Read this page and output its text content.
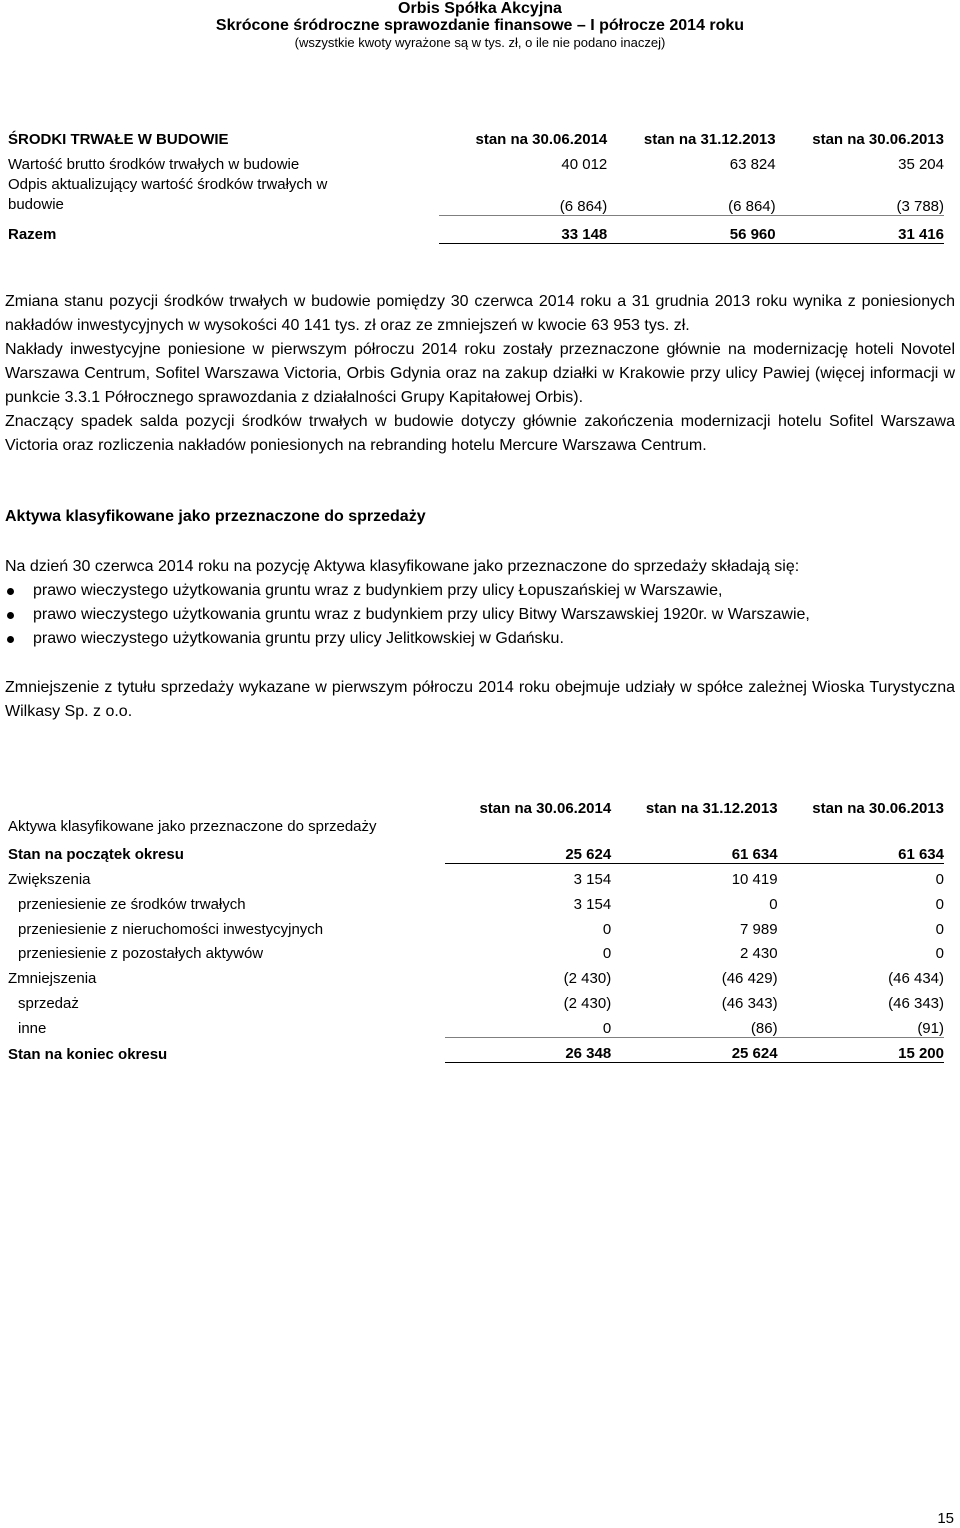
Orbis Spółka Akcyjna
Skrócone śródroczne sprawozdanie finansowe – I półrocze 2014 roku
(wszystkie kwoty wyrażone są w tys. zł, o ile nie podano inaczej)
ŚRODKI TRWAŁE W BUDOWIE	stan na 30.06.2014	stan na 31.12.2013	stan na 30.06.2013
Wartość brutto środków trwałych w budowie	40 012	63 824	35 204
Odpis aktualizujący wartość środków trwałych w
budowie	(6 864)	(6 864)	(3 788)
Razem	33 148	56 960	31 416

Zmiana stanu pozycji środków trwałych w budowie pomiędzy 30 czerwca 2014 roku a 31 grudnia 2013 roku wynika z poniesionych nakładów inwestycyjnych w wysokości 40 141 tys. zł oraz ze zmniejszeń w kwocie 63 953 tys. zł.

Nakłady inwestycyjne poniesione w pierwszym półroczu 2014 roku zostały przeznaczone głównie na modernizację hoteli Novotel Warszawa Centrum, Sofitel Warszawa Victoria, Orbis Gdynia oraz na zakup działki w Krakowie przy ulicy Pawiej (więcej informacji w punkcie 3.3.1 Półrocznego sprawozdania z działalności Grupy Kapitałowej Orbis).

Znaczący spadek salda pozycji środków trwałych w budowie dotyczy głównie zakończenia modernizacji hotelu Sofitel Warszawa Victoria oraz rozliczenia nakładów poniesionych na rebranding hotelu Mercure Warszawa Centrum.

Aktywa klasyfikowane jako przeznaczone do sprzedaży
Na dzień 30 czerwca 2014 roku na pozycję Aktywa klasyfikowane jako przeznaczone do sprzedaży składają się:
prawo wieczystego użytkowania gruntu wraz z budynkiem przy ulicy Łopuszańskiej w Warszawie,
prawo wieczystego użytkowania gruntu wraz z budynkiem przy ulicy Bitwy Warszawskiej 1920r. w Warszawie,
prawo wieczystego użytkowania gruntu przy ulicy Jelitkowskiej w Gdańsku.
Zmniejszenie z tytułu sprzedaży wykazane w pierwszym półroczu 2014 roku obejmuje udziały w spółce zależnej Wioska Turystyczna Wilkasy Sp. z o.o.
Aktywa klasyfikowane jako przeznaczone do sprzedaży	stan na 30.06.2014	stan na 31.12.2013	stan na 30.06.2013
Stan na początek okresu	25 624	61 634	61 634
Zwiększenia	3 154	10 419	0
przeniesienie ze środków trwałych	3 154	0	0
przeniesienie z nieruchomości inwestycyjnych	0	7 989	0
przeniesienie z pozostałych aktywów	0	2 430	0
Zmniejszenia	(2 430)	(46 429)	(46 434)
sprzedaż	(2 430)	(46 343)	(46 343)
inne	0	(86)	(91)
Stan na koniec okresu	26 348	25 624	15 200
15
